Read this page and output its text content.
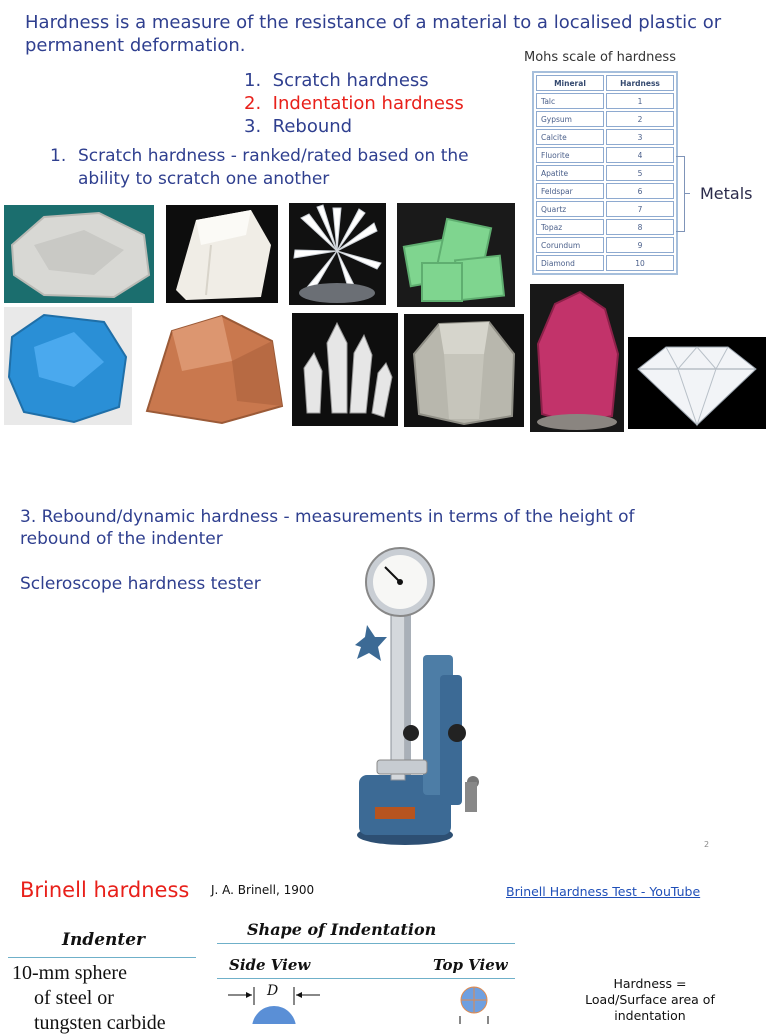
Hardness is a measure of the resistance of a material to a localised plastic or permanent deformation.
1. Scratch hardness
2. Indentation hardness
3. Rebound
1. Scratch hardness - ranked/rated based on the ability to scratch one another
Mohs scale of hardness
Mineral	Hardness
Talc	1
Gypsum	2
Calcite	3
Fluorite	4
Apatite	5
Feldspar	6
Quartz	7
Topaz	8
Corundum	9
Diamond	10
Metals
3. Rebound/dynamic hardness - measurements in terms of the height of rebound of the indenter
Scleroscope hardness tester
2
Brinell hardness J. A. Brinell, 1900	Brinell Hardness Test - YouTube
Indenter
10-mm sphere
of steel or
tungsten carbide
Shape of Indentation
Side View	Top View
D	Hardness =
Load/Surface area of indentation
